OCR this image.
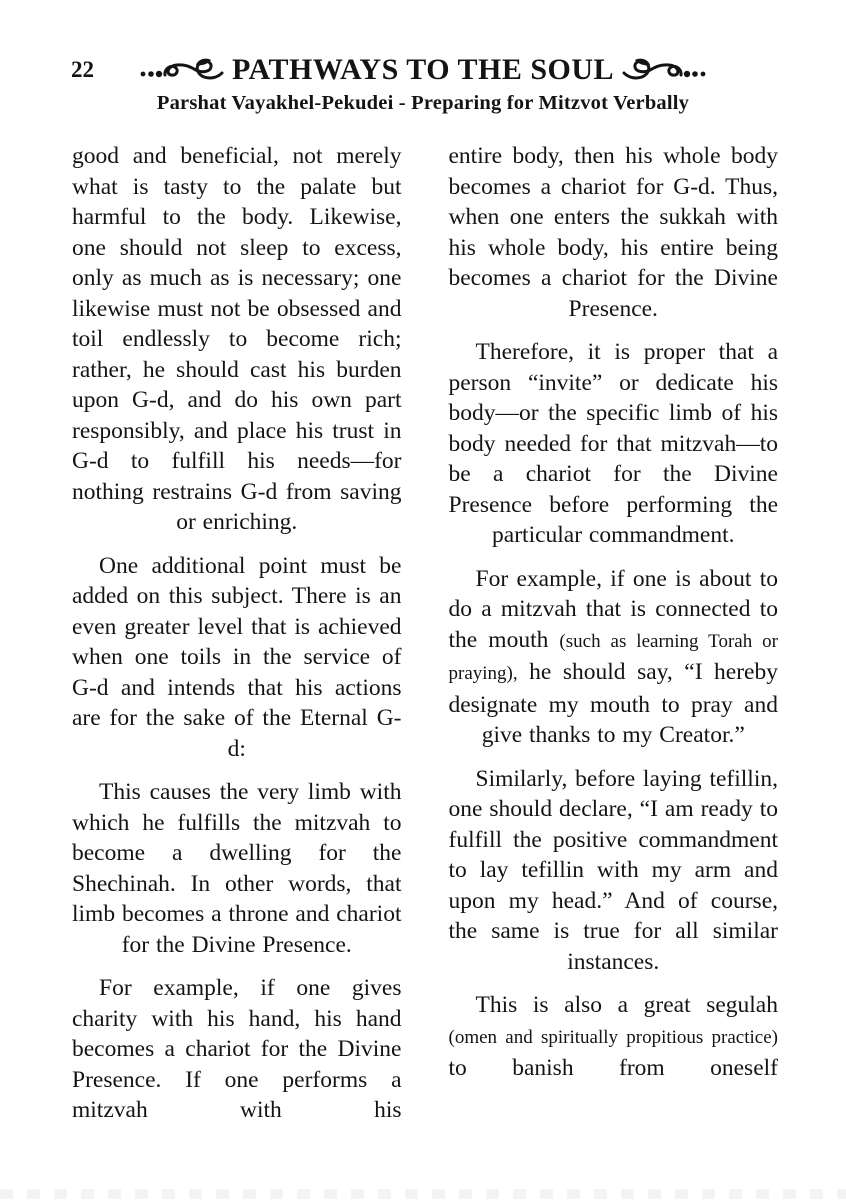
22	PATHWAYS TO THE SOUL
Parshat Vayakhel-Pekudei - Preparing for Mitzvot Verbally

good and beneficial, not merely what is tasty to the palate but harmful to the body. Likewise, one should not sleep to excess, only as much as is necessary; one likewise must not be obsessed and toil endlessly to become rich; rather, he should cast his burden upon G-d, and do his own part responsibly, and place his trust in G-d to fulfill his needs—for nothing restrains G-d from saving or enriching.

One additional point must be added on this subject. There is an even greater level that is achieved when one toils in the service of G-d and intends that his actions are for the sake of the Eternal G-d:

This causes the very limb with which he fulfills the mitzvah to become a dwelling for the Shechinah. In other words, that limb becomes a throne and chariot for the Divine Presence.

For example, if one gives charity with his hand, his hand becomes a chariot for the Divine Presence. If one performs a mitzvah with his

entire body, then his whole body becomes a chariot for G-d. Thus, when one enters the sukkah with his whole body, his entire being becomes a chariot for the Divine Presence.

Therefore, it is proper that a person “invite” or dedicate his body—or the specific limb of his body needed for that mitzvah—to be a chariot for the Divine Presence before performing the particular commandment.

For example, if one is about to do a mitzvah that is connected to the mouth (such as learning Torah or praying), he should say, “I hereby designate my mouth to pray and give thanks to my Creator.”

Similarly, before laying tefillin, one should declare, “I am ready to fulfill the positive commandment to lay tefillin with my arm and upon my head.” And of course, the same is true for all similar instances.

This is also a great segulah (omen and spiritually propitious practice) to banish from oneself
